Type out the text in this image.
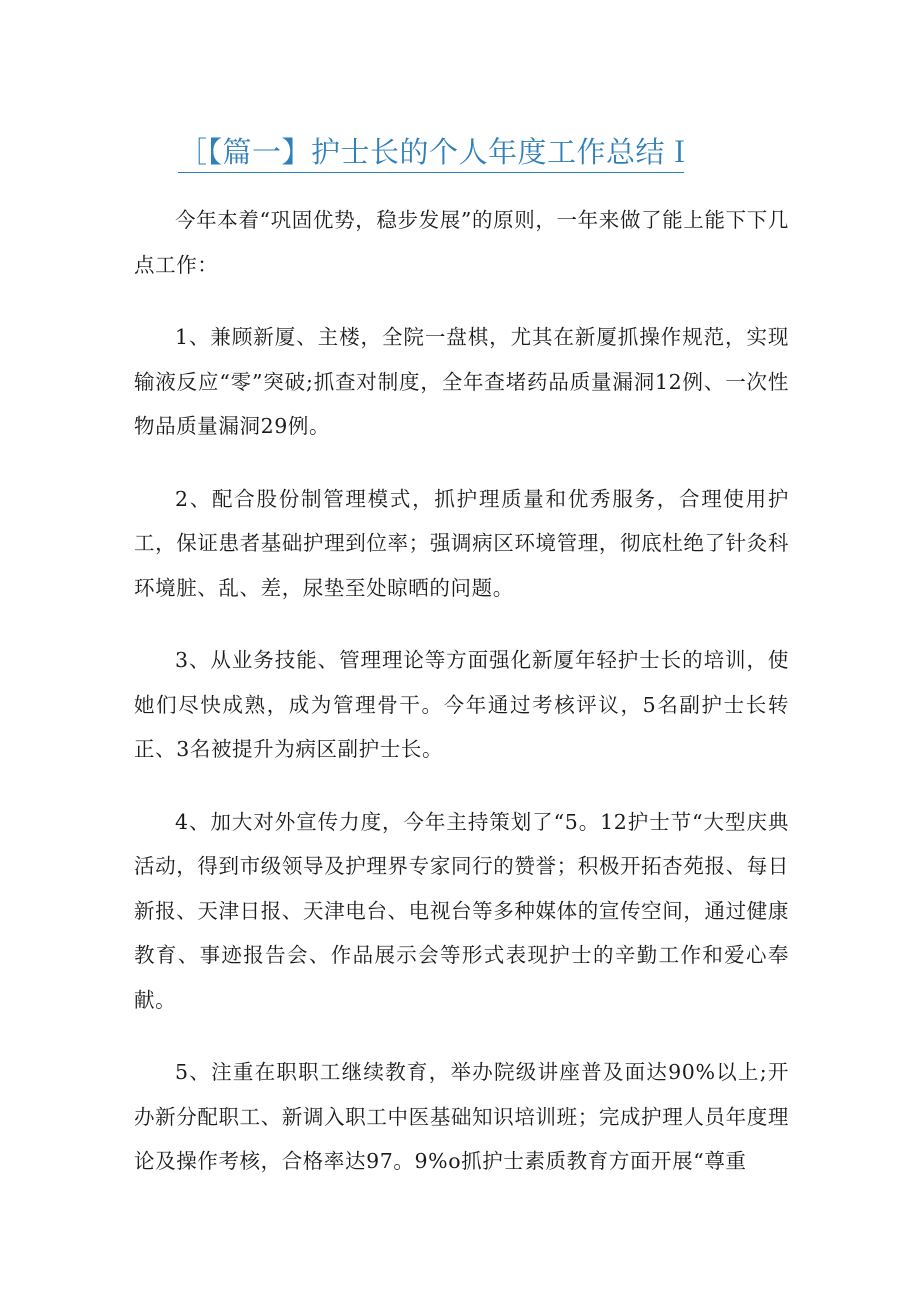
［【篇一】护士长的个人年度工作总结Ｉ

今年本着“巩固优势，稳步发展”的原则，一年来做了能上能下下几点工作：

1、兼顾新厦、主楼，全院一盘棋，尤其在新厦抓操作规范，实现输液反应“零”突破;抓查对制度，全年查堵药品质量漏洞12例、一次性物品质量漏洞29例。

2、配合股份制管理模式，抓护理质量和优秀服务，合理使用护工，保证患者基础护理到位率；强调病区环境管理，彻底杜绝了针灸科环境脏、乱、差，尿垫至处晾晒的问题。

3、从业务技能、管理理论等方面强化新厦年轻护士长的培训，使她们尽快成熟，成为管理骨干。今年通过考核评议，5名副护士长转正、3名被提升为病区副护士长。

4、加大对外宣传力度，今年主持策划了“5。12护士节“大型庆典活动，得到市级领导及护理界专家同行的赞誉；积极开拓杏苑报、每日新报、天津日报、天津电台、电视台等多种媒体的宣传空间，通过健康教育、事迹报告会、作品展示会等形式表现护士的辛勤工作和爱心奉献。

5、注重在职职工继续教育，举办院级讲座普及面达90%以上;开办新分配职工、新调入职工中医基础知识培训班；完成护理人员年度理论及操作考核，合格率达97。9%o抓护士素质教育方面开展“尊重
